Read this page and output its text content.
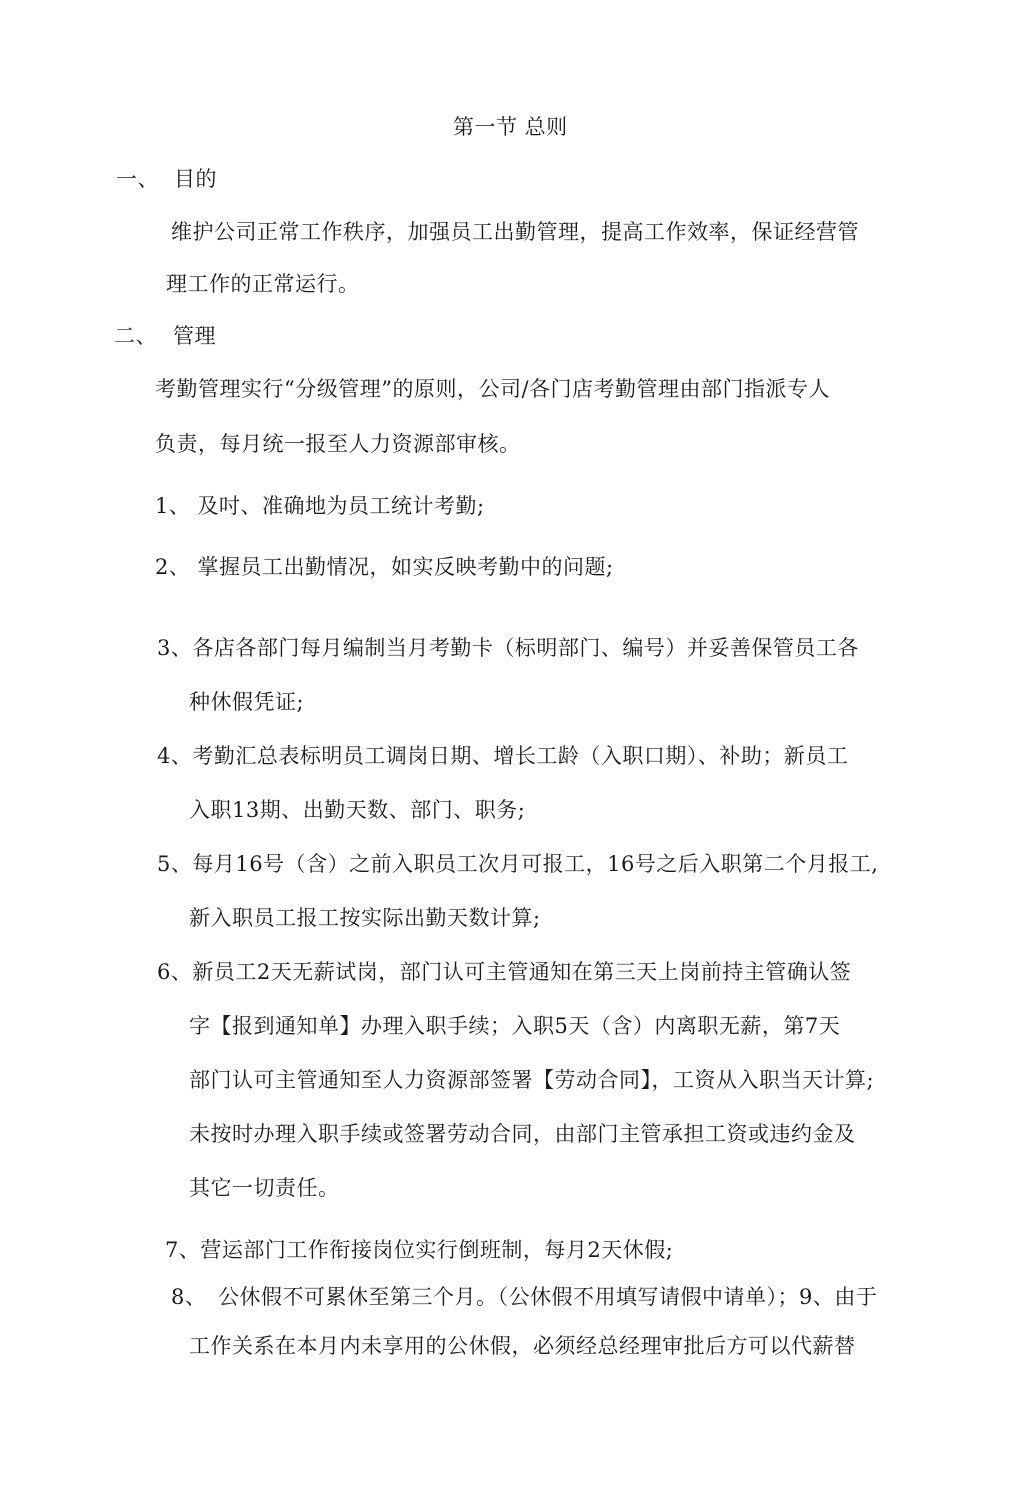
第一节 总则
一、 目的
维护公司正常工作秩序，加强员工出勤管理，提高工作效率，保证经营管
理工作的正常运行。
二、 管理
考勤管理实行“分级管理”的原则，公司/各门店考勤管理由部门指派专人
负责，每月统一报至人力资源部审核。
1、 及吋、准确地为员工统计考勤;
2、 掌握员工出勤情况，如实反映考勤中的问题;
3、各店各部门每月编制当月考勤卡（标明部门、编号）并妥善保管员工各
种休假凭证;
4、考勤汇总表标明员工调岗日期、增长工龄（入职口期）、补助；新员工
入职13期、出勤天数、部门、职务;
5、每月16号（含）之前入职员工次月可报工，16号之后入职第二个月报工,
新入职员工报工按实际出勤天数计算;
6、新员工2天无薪试岗，部门认可主管通知在第三天上岗前持主管确认签
字【报到通知单】办理入职手续；入职5天（含）内离职无薪，第7天
部门认可主管通知至人力资源部签署【劳动合同】，工资从入职当天计算;
未按时办理入职手续或签署劳动合同，由部门主管承担工资或违约金及
其它一切责任。
7、营运部门工作衔接岗位实行倒班制，每月2天休假;
8、 公休假不可累休至第三个月。（公休假不用填写请假中请单）；9、由于
工作关系在本月内未享用的公休假，必须经总经理审批后方可以代薪替
